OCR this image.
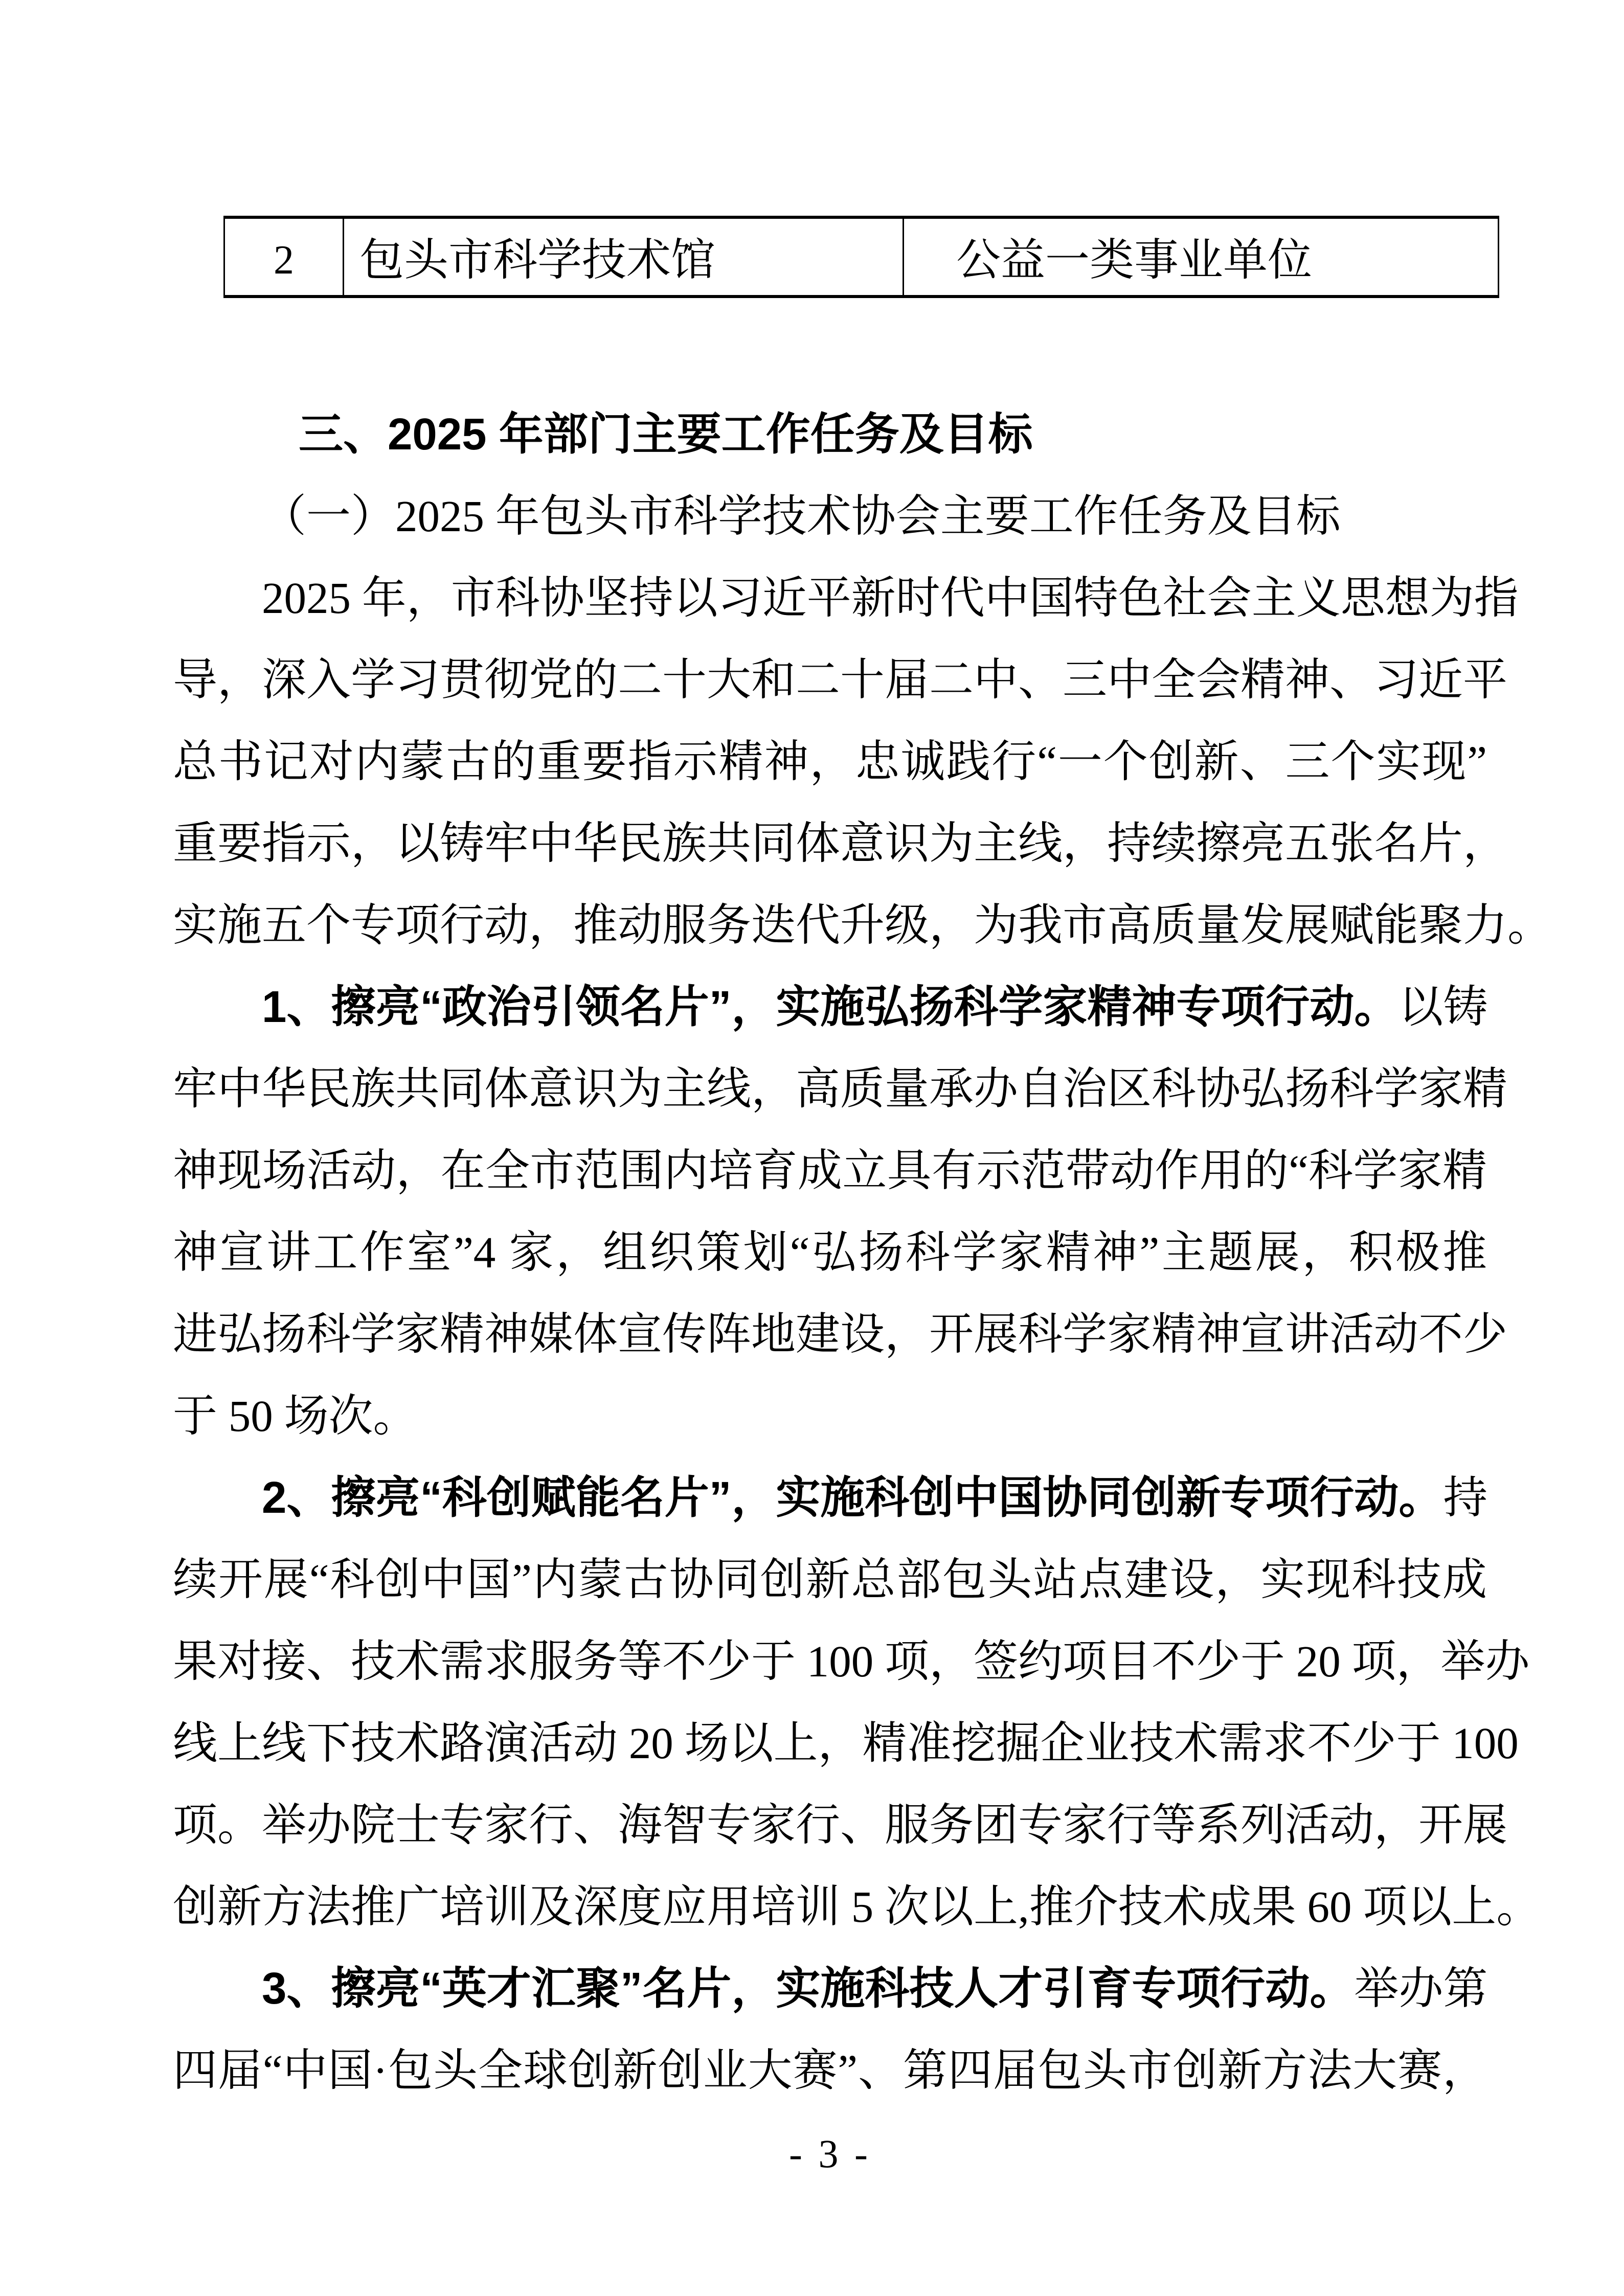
2 包头市科学技术馆	公益一类事业单位
三、2025 年部门主要工作任务及目标
（一）2025 年包头市科学技术协会主要工作任务及目标
2025 年，市科协坚持以习近平新时代中国特色社会主义思想为指
导，深入学习贯彻党的二十大和二十届二中、三中全会精神、习近平
总书记对内蒙古的重要指示精神，忠诚践行“一个创新、三个实现”
重要指示，以铸牢中华民族共同体意识为主线，持续擦亮五张名片，
实施五个专项行动，推动服务迭代升级，为我市高质量发展赋能聚力。
1、擦亮“政治引领名片”，实施弘扬科学家精神专项行动。以铸
牢中华民族共同体意识为主线，高质量承办自治区科协弘扬科学家精
神现场活动，在全市范围内培育成立具有示范带动作用的“科学家精
神宣讲工作室”4 家，组织策划“弘扬科学家精神”主题展，积极推
进弘扬科学家精神媒体宣传阵地建设，开展科学家精神宣讲活动不少
于 50 场次。
2、擦亮“科创赋能名片”，实施科创中国协同创新专项行动。持
续开展“科创中国”内蒙古协同创新总部包头站点建设，实现科技成
果对接、技术需求服务等不少于 100 项，签约项目不少于 20 项，举办
线上线下技术路演活动 20 场以上，精准挖掘企业技术需求不少于 100
项。举办院士专家行、海智专家行、服务团专家行等系列活动，开展
创新方法推广培训及深度应用培训 5 次以上,推介技术成果 60 项以上。
3、擦亮“英才汇聚”名片，实施科技人才引育专项行动。举办第
四届“中国·包头全球创新创业大赛”、第四届包头市创新方法大赛，
- 3 -
